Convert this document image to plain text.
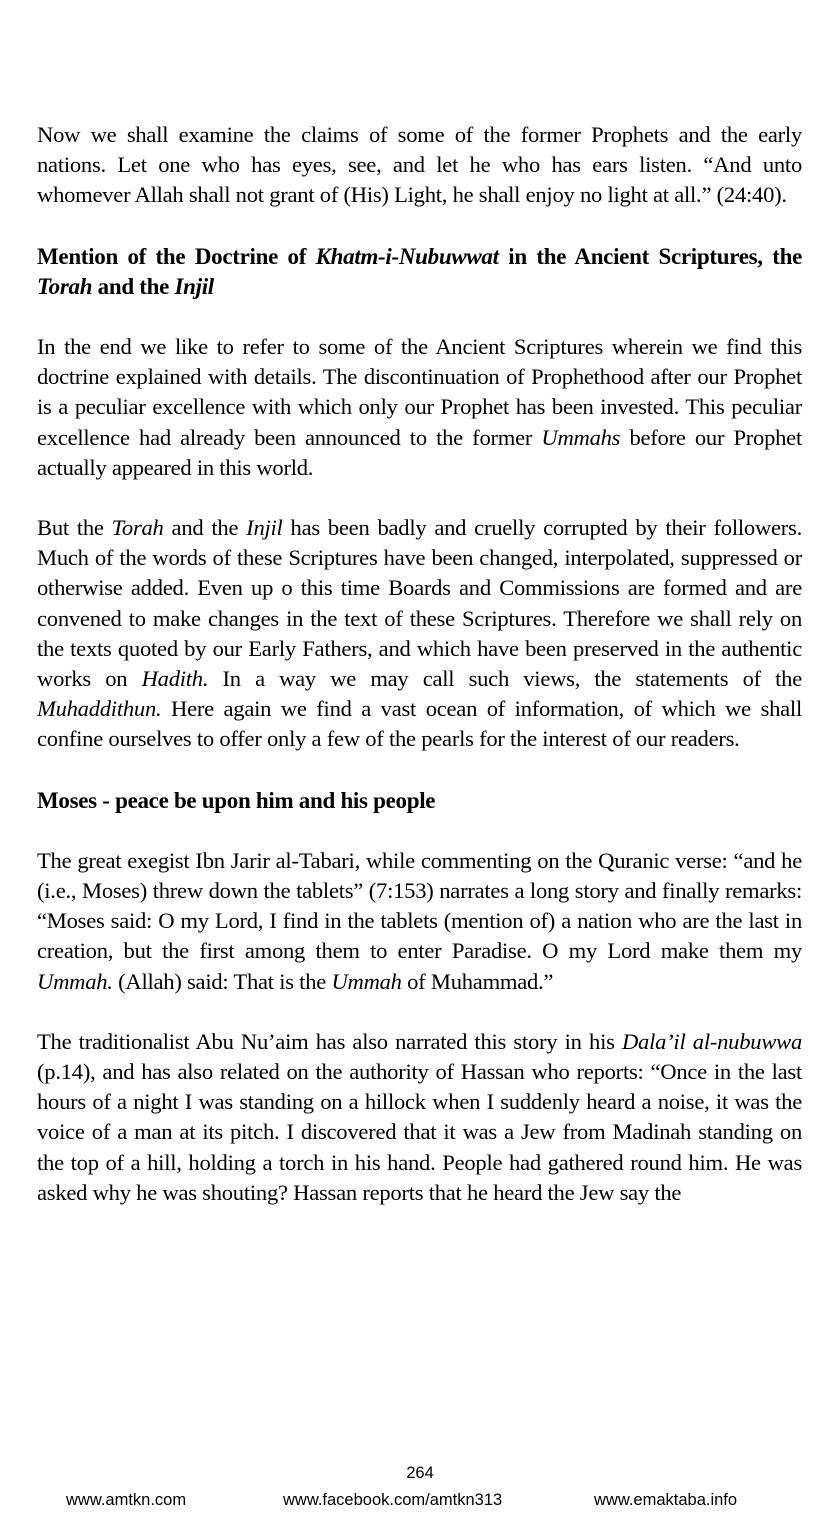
Now we shall examine the claims of some of the former Prophets and the early nations. Let one who has eyes, see, and let he who has ears listen. “And unto whomever Allah shall not grant of (His) Light, he shall enjoy no light at all.” (24:40).

Mention of the Doctrine of Khatm-i-Nubuwwat in the Ancient Scriptures, the Torah and the Injil

In the end we like to refer to some of the Ancient Scriptures wherein we find this doctrine explained with details. The discontinuation of Prophethood after our Prophet is a peculiar excellence with which only our Prophet has been invested. This peculiar excellence had already been announced to the former Ummahs before our Prophet actually appeared in this world.

But the Torah and the Injil has been badly and cruelly corrupted by their followers. Much of the words of these Scriptures have been changed, interpolated, suppressed or otherwise added. Even up o this time Boards and Commissions are formed and are convened to make changes in the text of these Scriptures. Therefore we shall rely on the texts quoted by our Early Fathers, and which have been preserved in the authentic works on Hadith. In a way we may call such views, the statements of the Muhaddithun. Here again we find a vast ocean of information, of which we shall confine ourselves to offer only a few of the pearls for the interest of our readers.

Moses - peace be upon him and his people

The great exegist Ibn Jarir al-Tabari, while commenting on the Quranic verse: “and he (i.e., Moses) threw down the tablets” (7:153) narrates a long story and finally remarks: “Moses said: O my Lord, I find in the tablets (mention of) a nation who are the last in creation, but the first among them to enter Paradise. O my Lord make them my Ummah. (Allah) said: That is the Ummah of Muhammad.”

The traditionalist Abu Nu’aim has also narrated this story in his Dala’il al-nubuwwa (p.14), and has also related on the authority of Hassan who reports: “Once in the last hours of a night I was standing on a hillock when I suddenly heard a noise, it was the voice of a man at its pitch. I discovered that it was a Jew from Madinah standing on the top of a hill, holding a torch in his hand. People had gathered round him. He was asked why he was shouting? Hassan reports that he heard the Jew say the

264
www.amtkn.com	www.facebook.com/amtkn313	www.emaktaba.info
